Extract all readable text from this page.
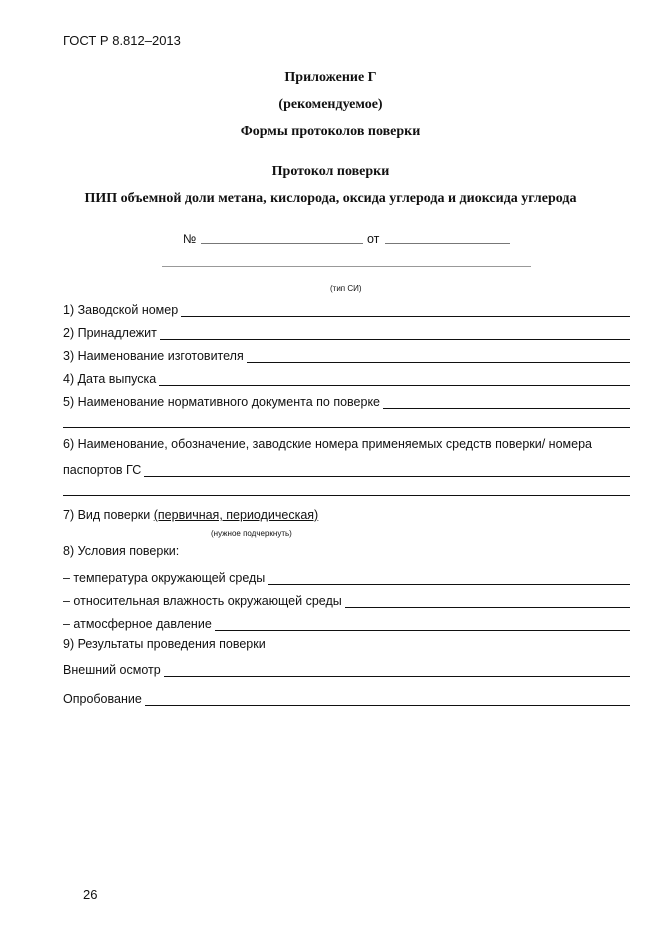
ГОСТ Р 8.812–2013
Приложение Г
(рекомендуемое)
Формы протоколов поверки
Протокол поверки
ПИП объемной доли метана, кислорода, оксида углерода и диоксида углерода
№	от
(тип СИ)
1) Заводской номер
2) Принадлежит
3) Наименование изготовителя
4) Дата выпуска
5) Наименование нормативного документа по поверке
6) Наименование, обозначение, заводские номера применяемых средств поверки/ номера
паспортов ГС
7) Вид поверки (первичная, периодическая)
(нужное подчеркнуть)
8) Условия поверки:
– температура окружающей среды
– относительная влажность окружающей среды
– атмосферное давление
9) Результаты проведения поверки
Внешний осмотр
Опробование
26
